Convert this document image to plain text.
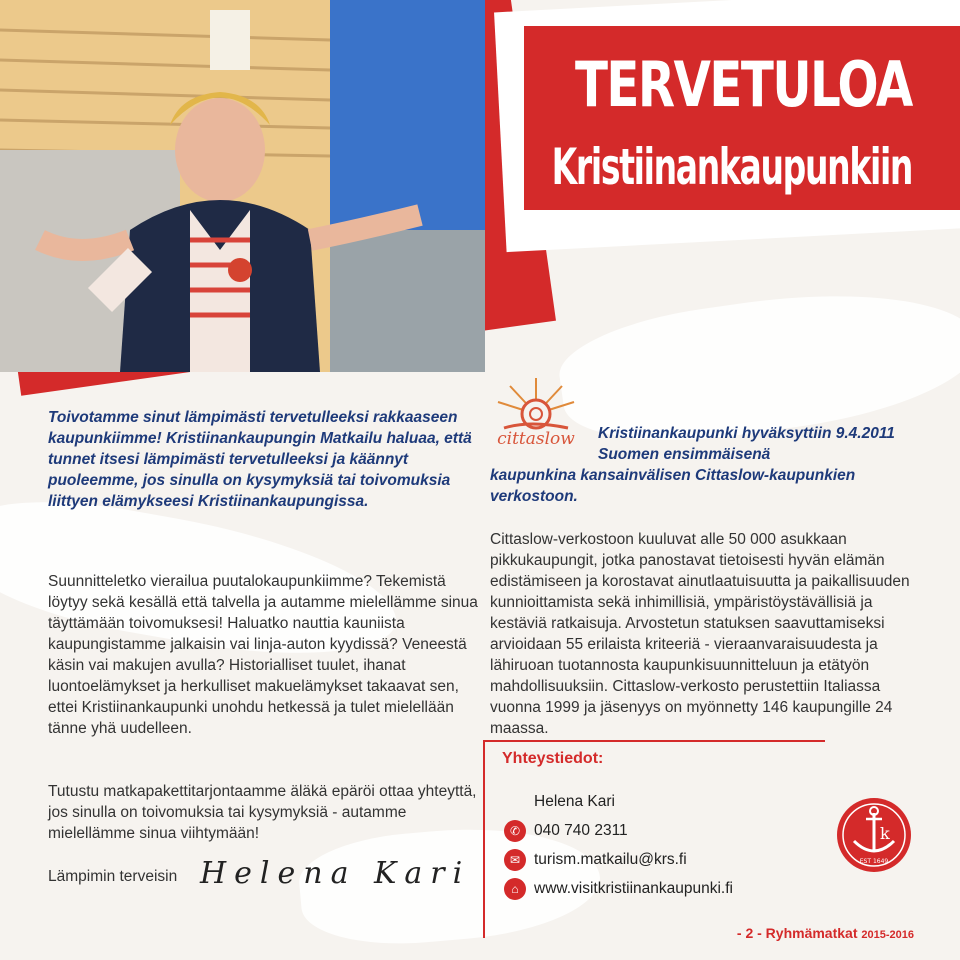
TERVETULOA
Kristiinankaupunkiin

Toivotamme sinut lämpimästi tervetulleeksi rakkaaseen kaupunkiimme! Kristiinankaupungin Matkailu haluaa, että tunnet itsesi lämpimästi tervetulleeksi ja käännyt puoleemme, jos sinulla on kysymyksiä tai toivomuksia liittyen elämykseesi Kristiinankaupungissa.

Suunnitteletko vierailua puutalokaupunkiimme? Tekemistä löytyy sekä kesällä että talvella ja autamme mielellämme sinua täyttämään toivomuksesi! Haluatko nauttia kauniista kaupungistamme jalkaisin vai linja-auton kyydissä? Veneestä käsin vai makujen avulla? Historialliset tuulet, ihanat luontoelämykset ja herkulliset makuelämykset takaavat sen, ettei Kristiinankaupunki unohdu hetkessä ja tulet mielellään tänne yhä uudelleen.

Tutustu matkapakettitarjontaamme äläkä epäröi ottaa yhteyttä, jos sinulla on toivomuksia tai kysymyksiä - autamme mielellämme sinua viihtymään!

Lämpimin terveisin Helena Kari
cittaslow Kristiinankaupunki hyväksyttiin 9.4.2011 Suomen ensimmäisenä

kaupunkina kansainvälisen Cittaslow-kaupunkien verkostoon.

Cittaslow-verkostoon kuuluvat alle 50 000 asukkaan pikkukaupungit, jotka panostavat tietoisesti hyvän elämän edistämiseen ja korostavat ainutlaatuisuutta ja paikallisuuden kunnioittamista sekä inhimillisiä, ympäristöystävällisiä ja kestäviä ratkaisuja. Arvostetun statuksen saavuttamiseksi arvioidaan 55 erilaista kriteeriä - vieraanvaraisuudesta ja lähiruoan tuotannosta kaupunkisuunnitteluun ja etätyön mahdollisuuksiin. Cittaslow-verkosto perustettiin Italiassa vuonna 1999 ja jäsenyys on myönnetty 146 kaupungille 24 maassa.

Yhteystiedot:
Helena Kari
✆ 040 740 2311
✉ turism.matkailu@krs.fi
⌂ www.visitkristiinankaupunki.fi
k
EST 1649
- 2 - Ryhmämatkat 2015-2016
